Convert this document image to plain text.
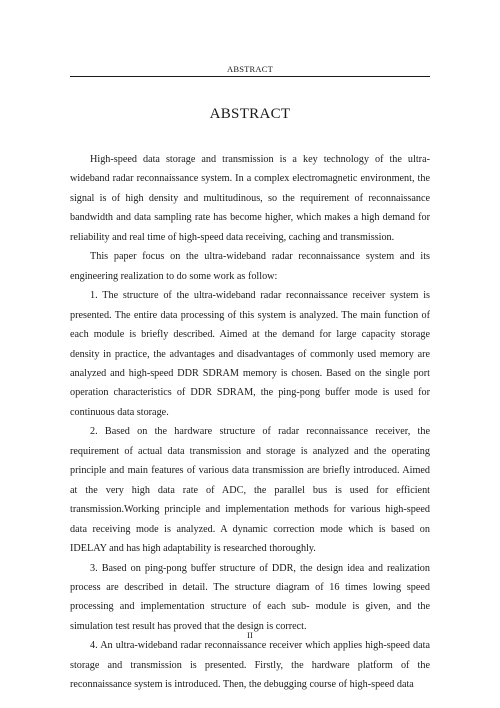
ABSTRACT
ABSTRACT

High-speed data storage and transmission is a key technology of the ultra-wideband radar reconnaissance system. In a complex electromagnetic environment, the signal is of high density and multitudinous, so the requirement of reconnaissance bandwidth and data sampling rate has become higher, which makes a high demand for reliability and real time of high-speed data receiving, caching and transmission.

This paper focus on the ultra-wideband radar reconnaissance system and its engineering realization to do some work as follow:

1. The structure of the ultra-wideband radar reconnaissance receiver system is presented. The entire data processing of this system is analyzed. The main function of each module is briefly described. Aimed at the demand for large capacity storage density in practice, the advantages and disadvantages of commonly used memory are analyzed and high-speed DDR SDRAM memory is chosen. Based on the single port operation characteristics of DDR SDRAM, the ping-pong buffer mode is used for continuous data storage.

2. Based on the hardware structure of radar reconnaissance receiver, the requirement of actual data transmission and storage is analyzed and the operating principle and main features of various data transmission are briefly introduced. Aimed at the very high data rate of ADC, the parallel bus is used for efficient transmission.Working principle and implementation methods for various high-speed data receiving mode is analyzed. A dynamic correction mode which is based on IDELAY and has high adaptability is researched thoroughly.

3. Based on ping-pong buffer structure of DDR, the design idea and realization process are described in detail. The structure diagram of 16 times lowing speed processing and implementation structure of each sub- module is given, and the simulation test result has proved that the design is correct.

4. An ultra-wideband radar reconnaissance receiver which applies high-speed data storage and transmission is presented. Firstly, the hardware platform of the reconnaissance system is introduced. Then, the debugging course of high-speed data

II
